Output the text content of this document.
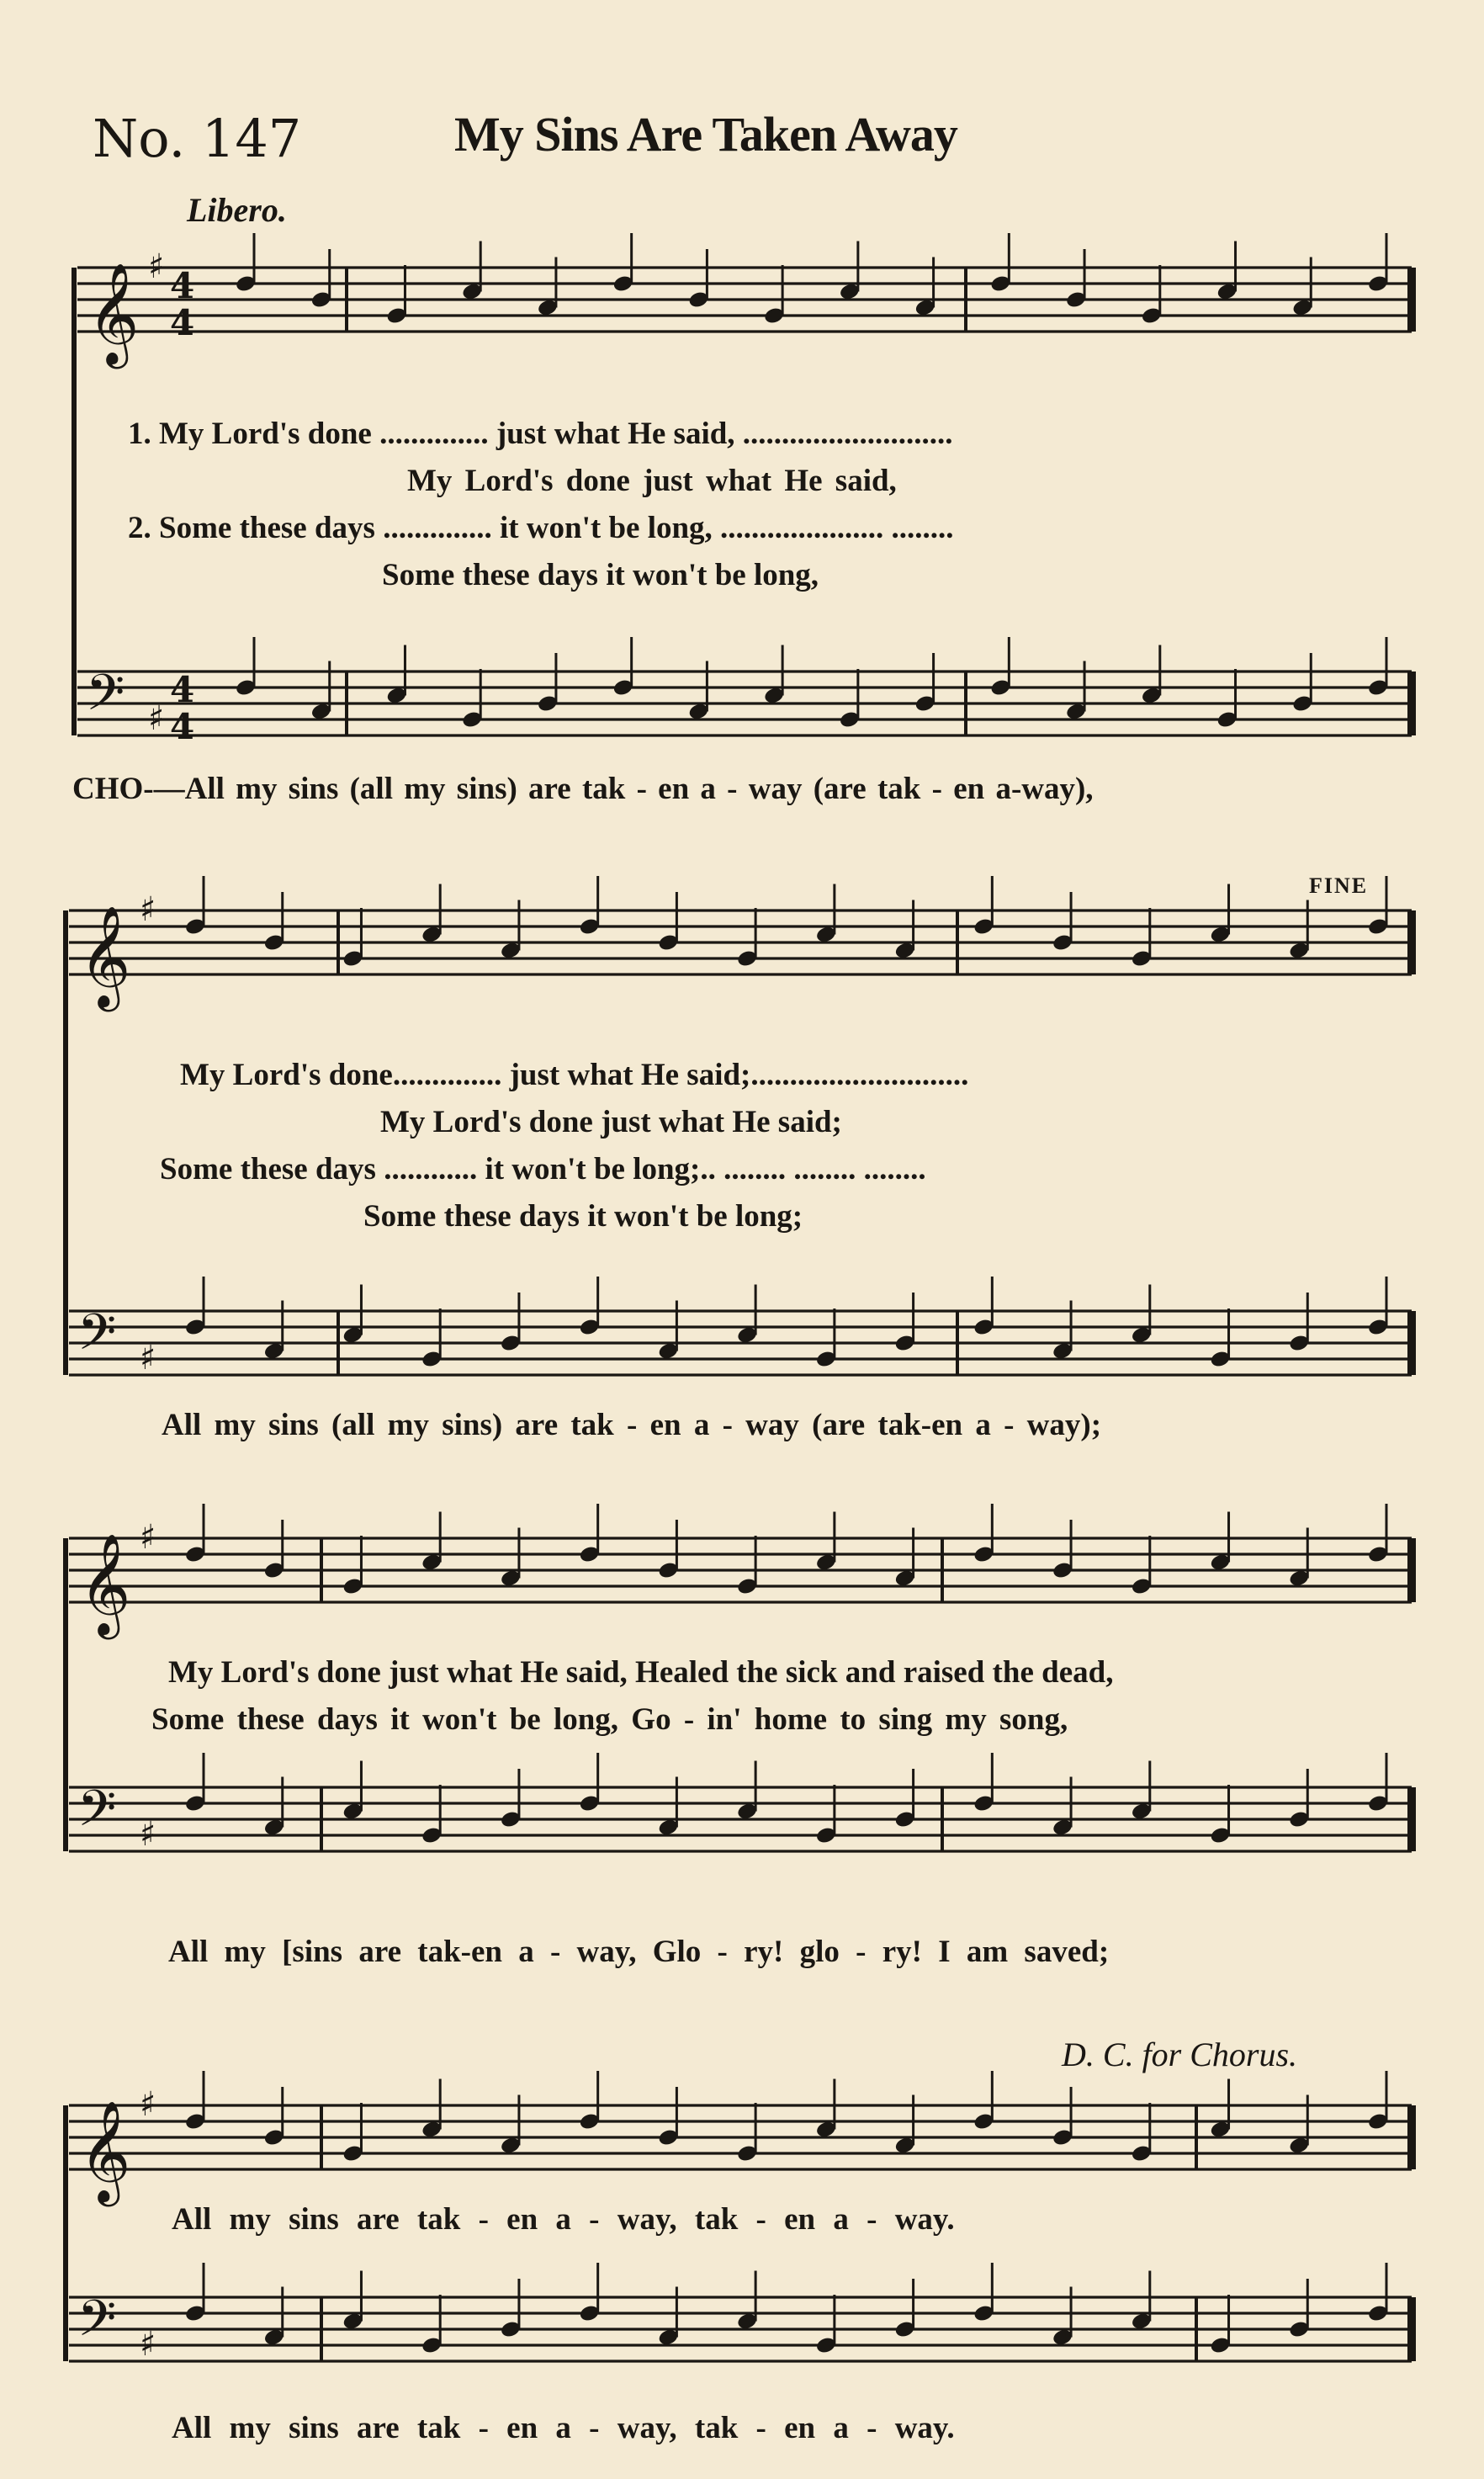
No. 147	My Sins Are Taken Away
Libero.
FINE
D. C. for Chorus.
𝄞
𝄢
♯
♯
4
4
4
4
𝄞
𝄢
♯
♯
𝄞
𝄢
♯
♯
𝄞
𝄢
♯
♯
1. My Lord's done .............. just what He said, ...........................
My Lord's done just what He said,
2. Some these days .............. it won't be long, ..................... ........
Some these days it won't be long,
CHO-—All my sins (all my sins) are tak - en a - way (are tak - en a-way),
My Lord's done.............. just what He said;............................
My Lord's done just what He said;
Some these days ............ it won't be long;.. ........ ........ ........
Some these days it won't be long;
All my sins (all my sins) are tak - en a - way (are tak-en a - way);
My Lord's done just what He said, Healed the sick and raised the dead,
Some these days it won't be long, Go - in' home to sing my song,
All my [sins are tak-en a - way, Glo - ry! glo - ry! I am saved;
All my sins are tak - en a - way, tak - en a - way.
All my sins are tak - en a - way, tak - en a - way.
